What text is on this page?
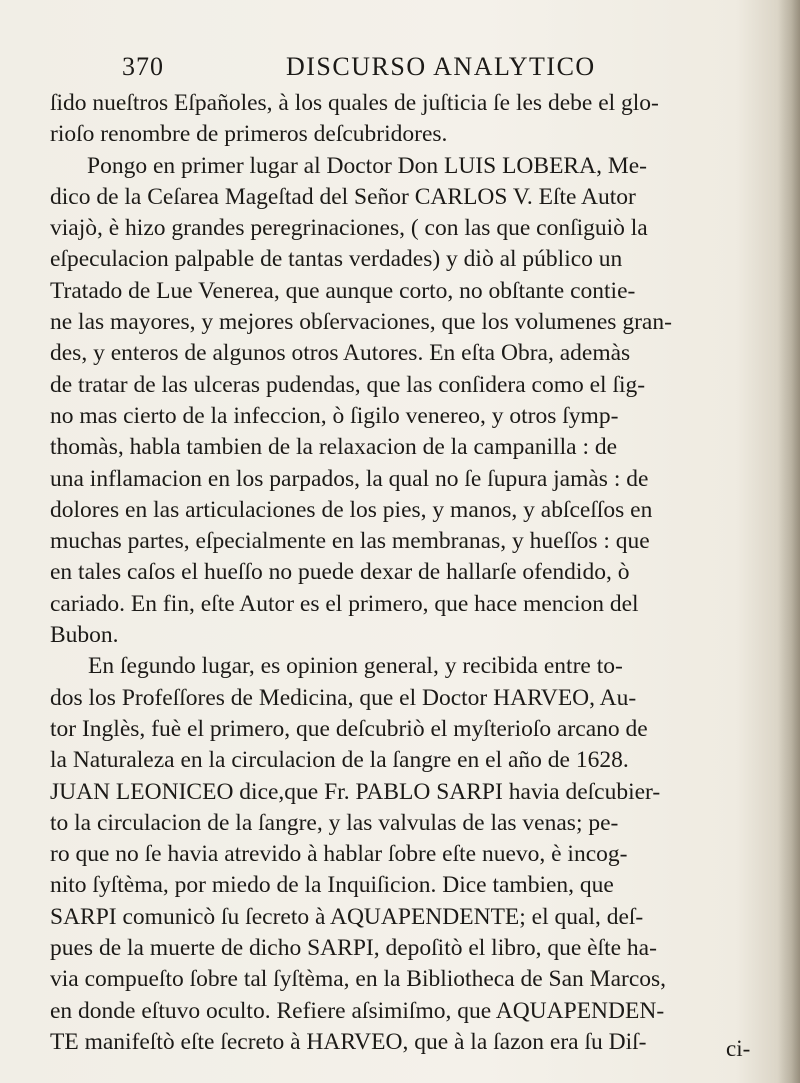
370	DISCURSO ANALYTICO
ſido nueſtros Eſpañoles, à los quales de juſticia ſe les debe el glo-
rioſo renombre de primeros deſcubridores.
Pongo en primer lugar al Doctor Don LUIS LOBERA, Me-
dico de la Ceſarea Mageſtad del Señor CARLOS V. Eſte Autor
viajò, è hizo grandes peregrinaciones, ( con las que conſiguiò la
eſpeculacion palpable de tantas verdades) y diò al público un
Tratado de Lue Venerea, que aunque corto, no obſtante contie-
ne las mayores, y mejores obſervaciones, que los volumenes gran-
des, y enteros de algunos otros Autores. En eſta Obra, ademàs
de tratar de las ulceras pudendas, que las conſidera como el ſig-
no mas cierto de la infeccion, ò ſigilo venereo, y otros ſymp-
thomàs, habla tambien de la relaxacion de la campanilla : de
una inflamacion en los parpados, la qual no ſe ſupura jamàs : de
dolores en las articulaciones de los pies, y manos, y abſceſſos en
muchas partes, eſpecialmente en las membranas, y hueſſos : que
en tales caſos el hueſſo no puede dexar de hallarſe ofendido, ò
cariado. En fin, eſte Autor es el primero, que hace mencion del
Bubon.
En ſegundo lugar, es opinion general, y recibida entre to-
dos los Profeſſores de Medicina, que el Doctor HARVEO, Au-
tor Inglès, fuè el primero, que deſcubriò el myſterioſo arcano de
la Naturaleza en la circulacion de la ſangre en el año de 1628.
JUAN LEONICEO dice,que Fr. PABLO SARPI havia deſcubier-
to la circulacion de la ſangre, y las valvulas de las venas; pe-
ro que no ſe havia atrevido à hablar ſobre eſte nuevo, è incog-
nito ſyſtèma, por miedo de la Inquiſicion. Dice tambien, que
SARPI comunicò ſu ſecreto à AQUAPENDENTE; el qual, deſ-
pues de la muerte de dicho SARPI, depoſitò el libro, que èſte ha-
via compueſto ſobre tal ſyſtèma, en la Bibliotheca de San Marcos,
en donde eſtuvo oculto. Refiere aſsimiſmo, que AQUAPENDEN-
TE manifeſtò eſte ſecreto à HARVEO, que à la ſazon era ſu Diſ-	ci-
